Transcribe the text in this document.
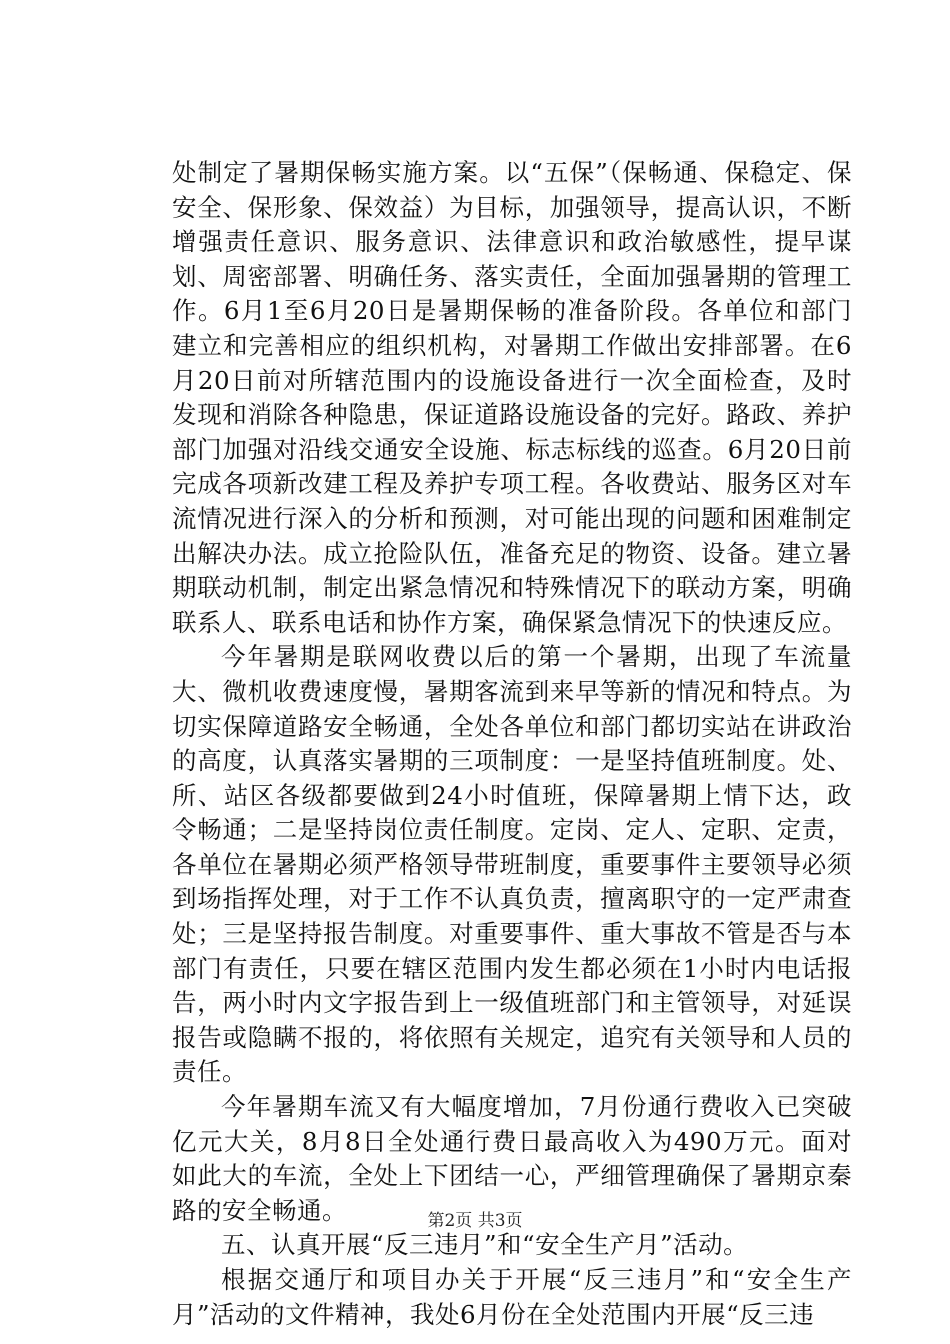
处制定了暑期保畅实施方案。以“五保”（保畅通、保稳定、保安全、保形象、保效益）为目标，加强领导，提高认识，不断增强责任意识、服务意识、法律意识和政治敏感性，提早谋划、周密部署、明确任务、落实责任，全面加强暑期的管理工作。6月1至6月20日是暑期保畅的准备阶段。各单位和部门建立和完善相应的组织机构，对暑期工作做出安排部署。在6月20日前对所辖范围内的设施设备进行一次全面检查，及时发现和消除各种隐患，保证道路设施设备的完好。路政、养护部门加强对沿线交通安全设施、标志标线的巡查。6月20日前完成各项新改建工程及养护专项工程。各收费站、服务区对车流情况进行深入的分析和预测，对可能出现的问题和困难制定出解决办法。成立抢险队伍，准备充足的物资、设备。建立暑期联动机制，制定出紧急情况和特殊情况下的联动方案，明确联系人、联系电话和协作方案，确保紧急情况下的快速反应。

今年暑期是联网收费以后的第一个暑期，出现了车流量大、微机收费速度慢，暑期客流到来早等新的情况和特点。为切实保障道路安全畅通，全处各单位和部门都切实站在讲政治的高度，认真落实暑期的三项制度：一是坚持值班制度。处、所、站区各级都要做到24小时值班，保障暑期上情下达，政令畅通；二是坚持岗位责任制度。定岗、定人、定职、定责，各单位在暑期必须严格领导带班制度，重要事件主要领导必须到场指挥处理，对于工作不认真负责，擅离职守的一定严肃查处；三是坚持报告制度。对重要事件、重大事故不管是否与本部门有责任，只要在辖区范围内发生都必须在1小时内电话报告，两小时内文字报告到上一级值班部门和主管领导，对延误报告或隐瞒不报的，将依照有关规定，追究有关领导和人员的责任。

今年暑期车流又有大幅度增加，7月份通行费收入已突破亿元大关，8月8日全处通行费日最高收入为490万元。面对如此大的车流，全处上下团结一心，严细管理确保了暑期京秦路的安全畅通。

五、认真开展“反三违月”和“安全生产月”活动。

根据交通厅和项目办关于开展“反三违月”和“安全生产月”活动的文件精神，我处6月份在全处范围内开展“反三违

第2页 共3页
